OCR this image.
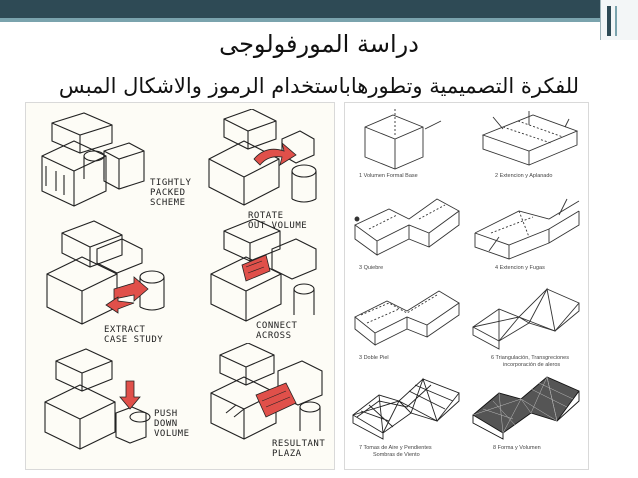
دراسة المورفولوجى
للفكرة التصميمية وتطورهاباستخدام الرموز والاشكال المبس
TIGHTLY
PACKED
SCHEME
ROTATE
OUT VOLUME
EXTRACT
CASE STUDY
CONNECT
ACROSS
PUSH
DOWN
VOLUME
RESULTANT
PLAZA
1 Volumen Formal Base	2 Extencion y Aplanado
3 Quiebre	4 Extencion y Fugas
3 Doble Piel	6 Triangulación, Transgreciones
incorporación de aleros
7 Tomas de Aire y Pendientes
Sombras de Viento
8 Forma y Volumen
